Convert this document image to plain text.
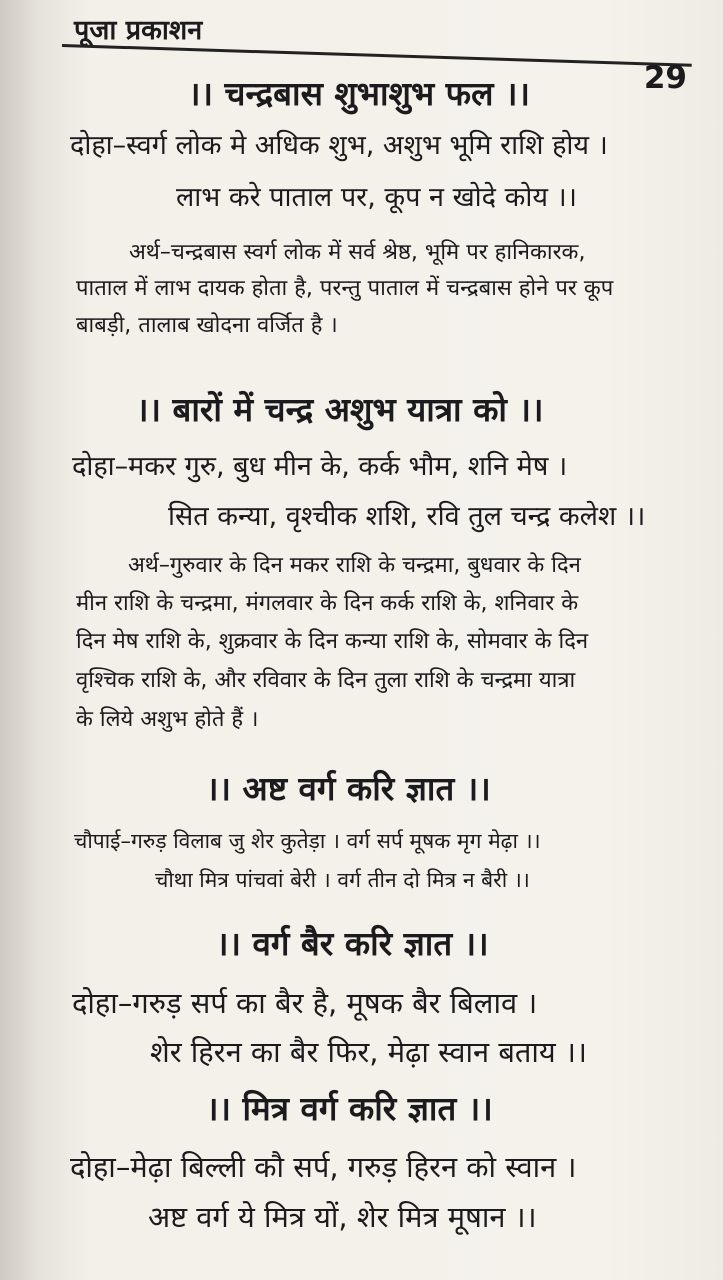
पूजा प्रकाशन
29
।। चन्द्रबास शुभाशुभ फल ।।
दोहा–स्वर्ग लोक मे अधिक शुभ, अशुभ भूमि राशि होय ।
लाभ करे पाताल पर, कूप न खोदे कोय ।।
अर्थ–चन्द्रबास स्वर्ग लोक में सर्व श्रेष्ठ, भूमि पर हानिकारक,
पाताल में लाभ दायक होता है, परन्तु पाताल में चन्द्रबास होने पर कूप
बाबड़ी, तालाब खोदना वर्जित है ।
।। बारों में चन्द्र अशुभ यात्रा को ।।
दोहा–मकर गुरु, बुध मीन के, कर्क भौम, शनि मेष ।
सित कन्या, वृश्चीक शशि, रवि तुल चन्द्र कलेश ।।
अर्थ–गुरुवार के दिन मकर राशि के चन्द्रमा, बुधवार के दिन
मीन राशि के चन्द्रमा, मंगलवार के दिन कर्क राशि के, शनिवार के
दिन मेष राशि के, शुक्रवार के दिन कन्या राशि के, सोमवार के दिन
वृश्चिक राशि के, और रविवार के दिन तुला राशि के चन्द्रमा यात्रा
के लिये अशुभ होते हैं ।
।। अष्ट वर्ग करि ज्ञात ।।
चौपाई–गरुड़ विलाब जु शेर कुतेड़ा । वर्ग सर्प मूषक मृग मेढ़ा ।।
चौथा मित्र पांचवां बेरी । वर्ग तीन दो मित्र न बैरी ।।
।। वर्ग बैर करि ज्ञात ।।
दोहा–गरुड़ सर्प का बैर है, मूषक बैर बिलाव ।
शेर हिरन का बैर फिर, मेढ़ा स्वान बताय ।।
।। मित्र वर्ग करि ज्ञात ।।
दोहा–मेढ़ा बिल्ली कौ सर्प, गरुड़ हिरन को स्वान ।
अष्ट वर्ग ये मित्र यों, शेर मित्र मूषान ।।
